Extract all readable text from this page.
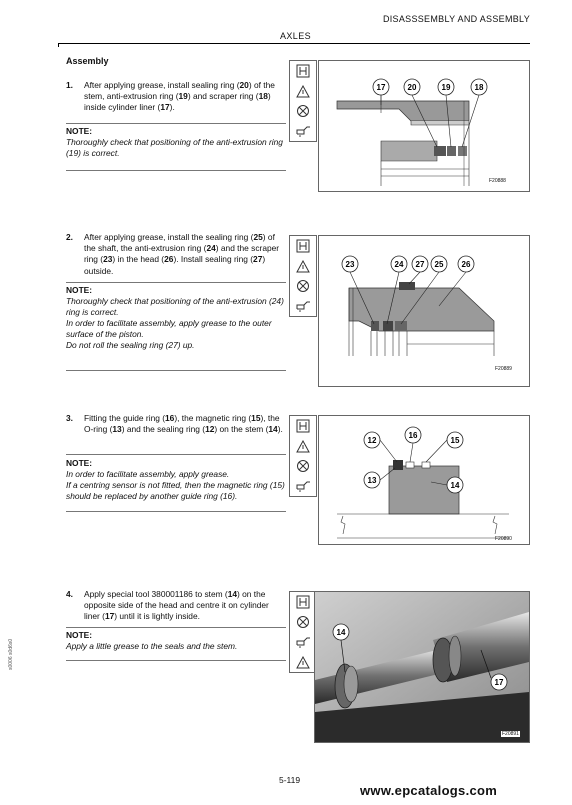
DISASSSEMBLY AND ASSEMBLY
AXLES
Assembly
1. After applying grease, install sealing ring (20) of the stem, anti-extrusion ring (19) and scraper ring (18) inside cylinder liner (17).
NOTE:
Thoroughly check that positioning of the anti-extrusion ring (19) is correct.
17	20	19	18
F20888
2. After applying grease, install the sealing ring (25) of the shaft, the anti-extrusion ring (24) and the scraper ring (23) in the head (26). Install sealing ring (27) outside.
NOTE:
Thoroughly check that positioning of the anti-extrusion (24) ring is correct.
In order to facilitate assembly, apply grease to the outer surface of the piston.
Do not roll the sealing ring (27) up.
23	24 27 25 26
F20889
3. Fitting the guide ring (16), the magnetic ring (15), the O-ring (13) and the sealing ring (12) on the stem (14).
NOTE:
In order to facilitate assembly, apply grease.
If a centring sensor is not fitted, then the magnetic ring (15) should be replaced by another guide ring (16).
12
16
15
13
14
F20890
4. Apply special tool 380001186 to stem (14) on the opposite side of the head and centre it on cylinder liner (17) until it is lightly inside.
NOTE:
Apply a little grease to the seals and the stem.
14
17
F20891
5-119
s0006 s0d6s0
www.epcatalogs.com
